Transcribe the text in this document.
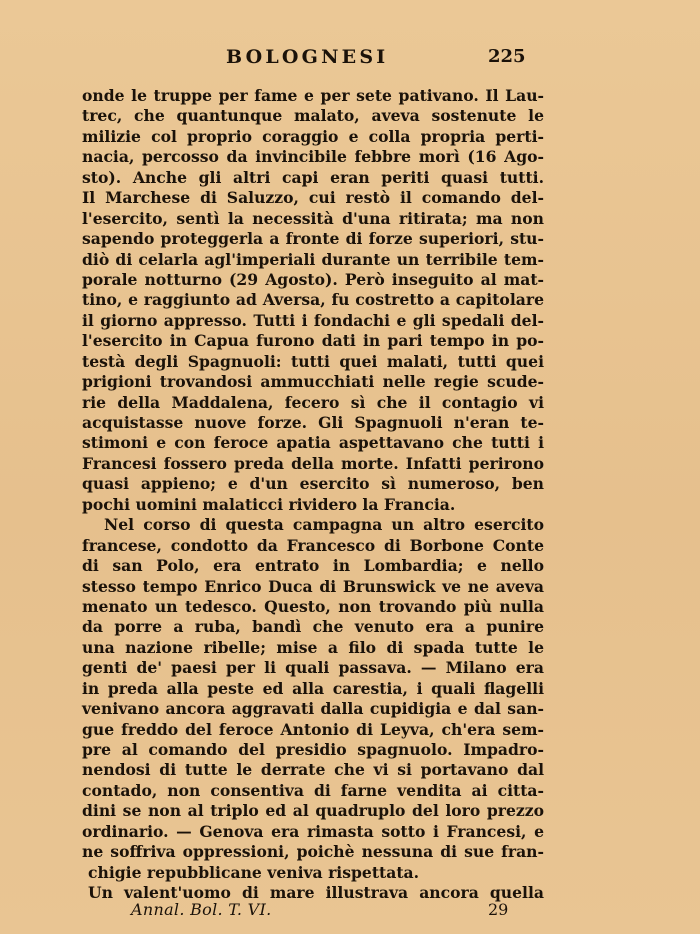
BOLOGNESI	225
onde le truppe per fame e per sete pativano. Il Lau-
trec, che quantunque malato, aveva sostenute le
milizie col proprio coraggio e colla propria perti-
nacia, percosso da invincibile febbre morì (16 Ago-
sto). Anche gli altri capi eran periti quasi tutti.
Il Marchese di Saluzzo, cui restò il comando del-
l'esercito, sentì la necessità d'una ritirata; ma non
sapendo proteggerla a fronte di forze superiori, stu-
diò di celarla agl'imperiali durante un terribile tem-
porale notturno (29 Agosto). Però inseguito al mat-
tino, e raggiunto ad Aversa, fu costretto a capitolare
il giorno appresso. Tutti i fondachi e gli spedali del-
l'esercito in Capua furono dati in pari tempo in po-
testà degli Spagnuoli: tutti quei malati, tutti quei
prigioni trovandosi ammucchiati nelle regie scude-
rie della Maddalena, fecero sì che il contagio vi
acquistasse nuove forze. Gli Spagnuoli n'eran te-
stimoni e con feroce apatia aspettavano che tutti i
Francesi fossero preda della morte. Infatti perirono
quasi appieno; e d'un esercito sì numeroso, ben
pochi uomini malaticci rividero la Francia.
Nel corso di questa campagna un altro esercito
francese, condotto da Francesco di Borbone Conte
di san Polo, era entrato in Lombardia; e nello
stesso tempo Enrico Duca di Brunswick ve ne aveva
menato un tedesco. Questo, non trovando più nulla
da porre a ruba, bandì che venuto era a punire
una nazione ribelle; mise a filo di spada tutte le
genti de' paesi per li quali passava. — Milano era
in preda alla peste ed alla carestia, i quali flagelli
venivano ancora aggravati dalla cupidigia e dal san-
gue freddo del feroce Antonio di Leyva, ch'era sem-
pre al comando del presidio spagnuolo. Impadro-
nendosi di tutte le derrate che vi si portavano dal
contado, non consentiva di farne vendita ai citta-
dini se non al triplo ed al quadruplo del loro prezzo
ordinario. — Genova era rimasta sotto i Francesi, e
ne soffriva oppressioni, poichè nessuna di sue fran-
chigie repubblicane veniva rispettata.
Un valent'uomo di mare illustrava ancora quella
Annal. Bol. T. VI.	29
